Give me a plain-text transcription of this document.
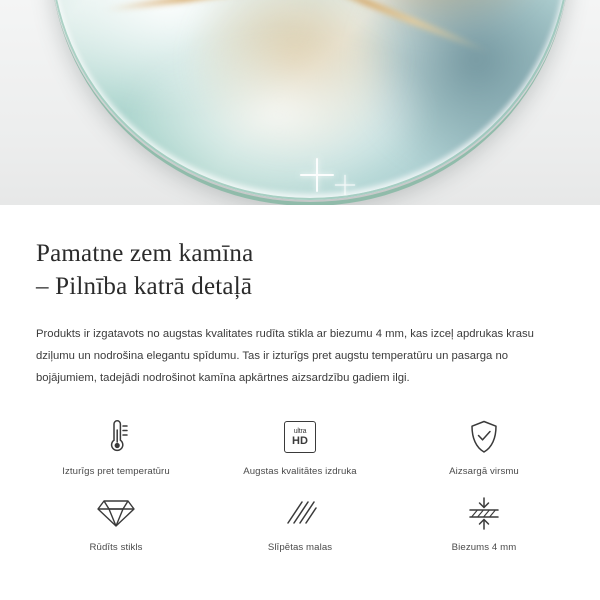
Pamatne zem kamīna
– Pilnība katrā detaļā

Produkts ir izgatavots no augstas kvalitates rudīta stikla ar biezumu 4 mm, kas izceļ apdrukas krasu dziļumu un nodrošina elegantu spīdumu. Tas ir izturīgs pret augstu temperatūru un pasarga no bojājumiem, tadejādi nodrošinot kamīna apkārtnes aizsardzību gadiem ilgi.

Izturīgs pret temperatūru
ultra
HD
Augstas kvalitātes izdruka	Aizsargā virsmu
Rūdīts stikls	Slīpētas malas	Biezums 4 mm
